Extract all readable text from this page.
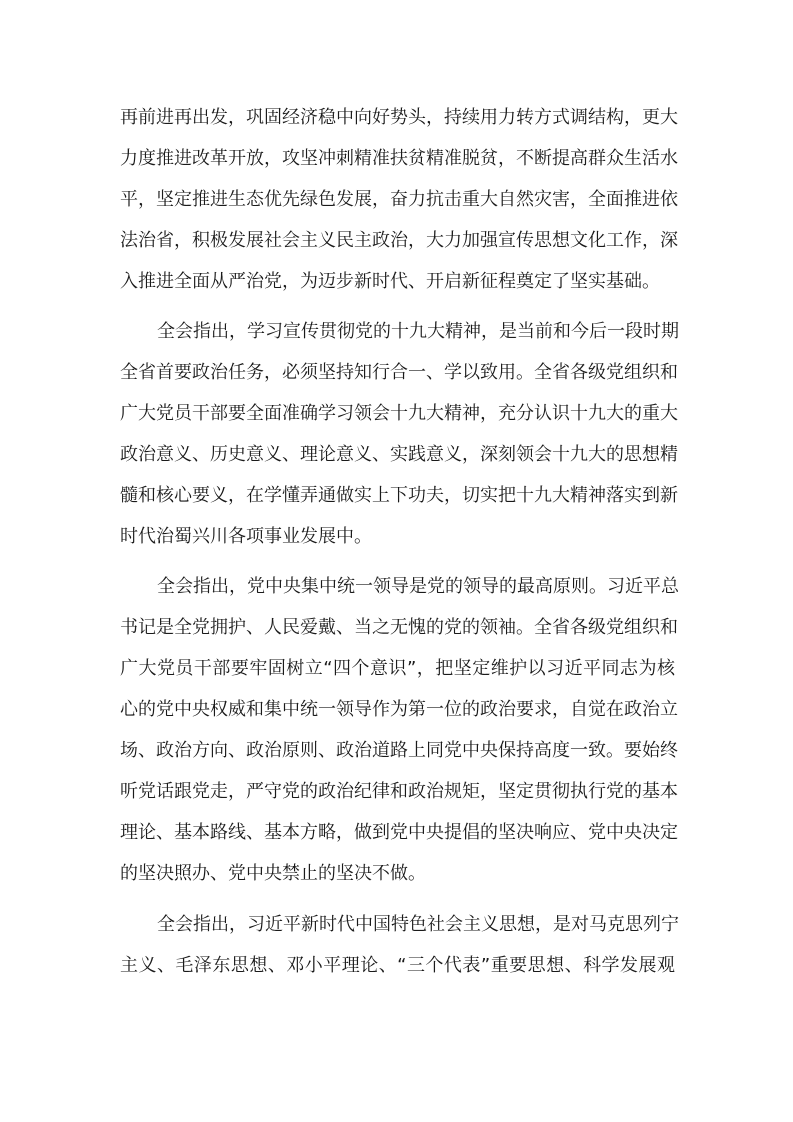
再前进再出发，巩固经济稳中向好势头，持续用力转方式调结构，更大
力度推进改革开放，攻坚冲刺精准扶贫精准脱贫，不断提高群众生活水
平，坚定推进生态优先绿色发展，奋力抗击重大自然灾害，全面推进依
法治省，积极发展社会主义民主政治，大力加强宣传思想文化工作，深
入推进全面从严治党，为迈步新时代、开启新征程奠定了坚实基础。
全会指出，学习宣传贯彻党的十九大精神，是当前和今后一段时期
全省首要政治任务，必须坚持知行合一、学以致用。全省各级党组织和
广大党员干部要全面准确学习领会十九大精神，充分认识十九大的重大
政治意义、历史意义、理论意义、实践意义，深刻领会十九大的思想精
髓和核心要义，在学懂弄通做实上下功夫，切实把十九大精神落实到新
时代治蜀兴川各项事业发展中。
全会指出，党中央集中统一领导是党的领导的最高原则。习近平总
书记是全党拥护、人民爱戴、当之无愧的党的领袖。全省各级党组织和
广大党员干部要牢固树立“四个意识”，把坚定维护以习近平同志为核
心的党中央权威和集中统一领导作为第一位的政治要求，自觉在政治立
场、政治方向、政治原则、政治道路上同党中央保持高度一致。要始终
听党话跟党走，严守党的政治纪律和政治规矩，坚定贯彻执行党的基本
理论、基本路线、基本方略，做到党中央提倡的坚决响应、党中央决定
的坚决照办、党中央禁止的坚决不做。
全会指出，习近平新时代中国特色社会主义思想，是对马克思列宁
主义、毛泽东思想、邓小平理论、“三个代表”重要思想、科学发展观
